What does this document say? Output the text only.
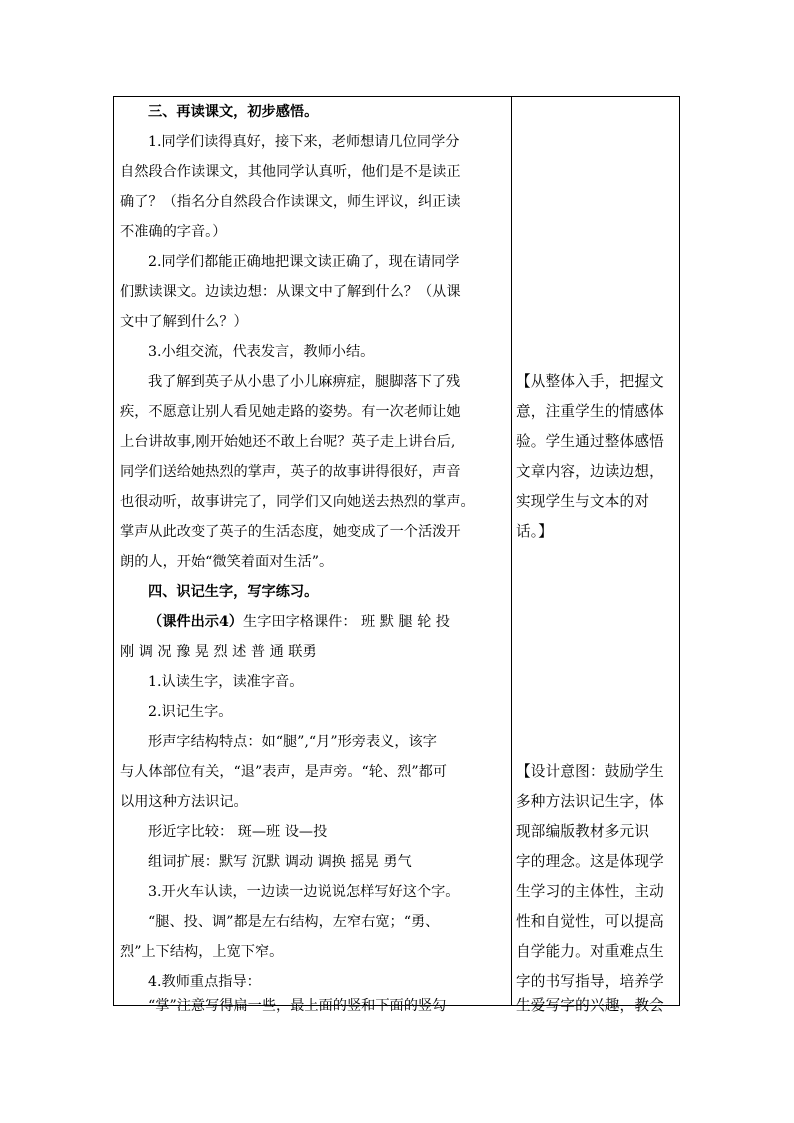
三、再读课文，初步感悟。
1.同学们读得真好，接下来，老师想请几位同学分
自然段合作读课文，其他同学认真听，他们是不是读正
确了？（指名分自然段合作读课文，师生评议，纠正读
不准确的字音。）
2.同学们都能正确地把课文读正确了，现在请同学
们默读课文。边读边想：从课文中了解到什么？（从课
文中了解到什么？）
3.小组交流，代表发言，教师小结。
我了解到英子从小患了小儿麻痹症，腿脚落下了残
疾，不愿意让别人看见她走路的姿势。有一次老师让她
上台讲故事,刚开始她还不敢上台呢？英子走上讲台后,
同学们送给她热烈的掌声，英子的故事讲得很好，声音
也很动听，故事讲完了，同学们又向她送去热烈的掌声。
掌声从此改变了英子的生活态度，她变成了一个活泼开
朗的人，开始“微笑着面对生活”。
四、识记生字，写字练习。
（课件出示4）生字田字格课件： 班 默 腿 轮 投
刚 调 况 豫 晃 烈 述 普 通 联勇
1.认读生字，读准字音。
2.识记生字。
形声字结构特点：如“腿”,“月”形旁表义，该字
与人体部位有关，“退”表声，是声旁。“轮、烈”都可
以用这种方法识记。
形近字比较： 斑—班 设—投
组词扩展：默写 沉默 调动 调换 摇晃 勇气
3.开火车认读，一边读一边说说怎样写好这个字。
“腿、投、调”都是左右结构，左窄右宽；“勇、
烈”上下结构，上宽下窄。
4.教师重点指导：
“掌”注意写得扁一些，最上面的竖和下面的竖勾
【从整体入手，把握文
意，注重学生的情感体
验。学生通过整体感悟
文章内容，边读边想，
实现学生与文本的对
话。】
【设计意图：鼓励学生
多种方法识记生字，体
现部编版教材多元识
字的理念。这是体现学
生学习的主体性，主动
性和自觉性，可以提高
自学能力。对重难点生
字的书写指导，培养学
生爱写字的兴趣，教会
